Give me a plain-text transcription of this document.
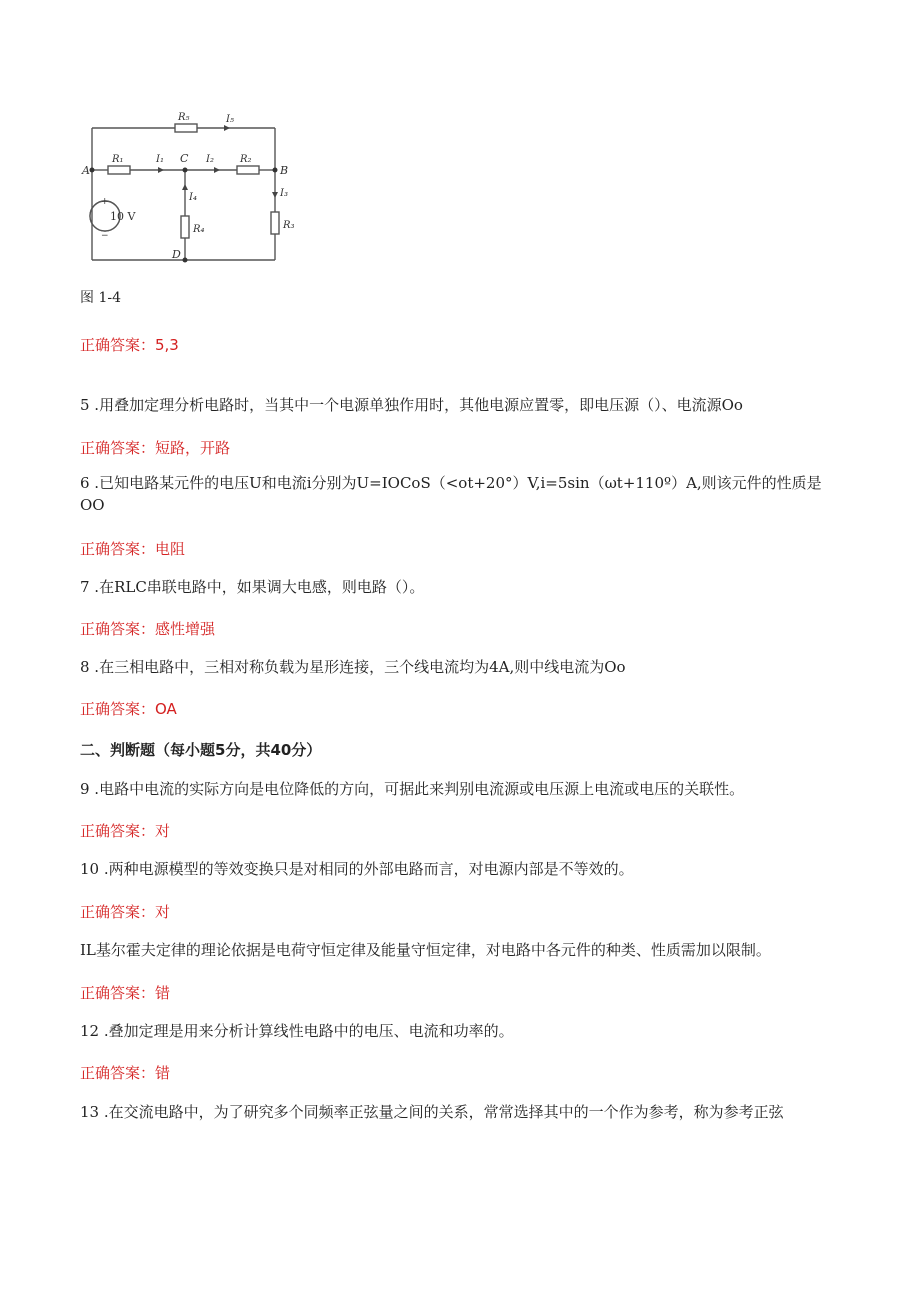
A	B
C
D
R₅	I₅
R₁	I₁	I₂	R₂
I₃
R₃
I₄
R₄
10 V
+
−
图 1-4
正确答案：5,3
5 .用叠加定理分析电路时，当其中一个电源单独作用时，其他电源应置零，即电压源（）、电流源Oo
正确答案：短路，开路
6 .已知电路某元件的电压U和电流i分别为U=IOCoS（<ot+20°）V,i=5sin（ωt+110º）A,则该元件的性质是OO
正确答案：电阻
7 .在RLC串联电路中，如果调大电感，则电路（）。
正确答案：感性增强
8 .在三相电路中，三相对称负载为星形连接，三个线电流均为4A,则中线电流为Oo
正确答案：OA
二、判断题（每小题5分，共40分）
9 .电路中电流的实际方向是电位降低的方向，可据此来判别电流源或电压源上电流或电压的关联性。
正确答案：对
10 .两种电源模型的等效变换只是对相同的外部电路而言，对电源内部是不等效的。
正确答案：对
IL基尔霍夫定律的理论依据是电荷守恒定律及能量守恒定律，对电路中各元件的种类、性质需加以限制。
正确答案：错
12 .叠加定理是用来分析计算线性电路中的电压、电流和功率的。
正确答案：错
13 .在交流电路中，为了研究多个同频率正弦量之间的关系，常常选择其中的一个作为参考，称为参考正弦
